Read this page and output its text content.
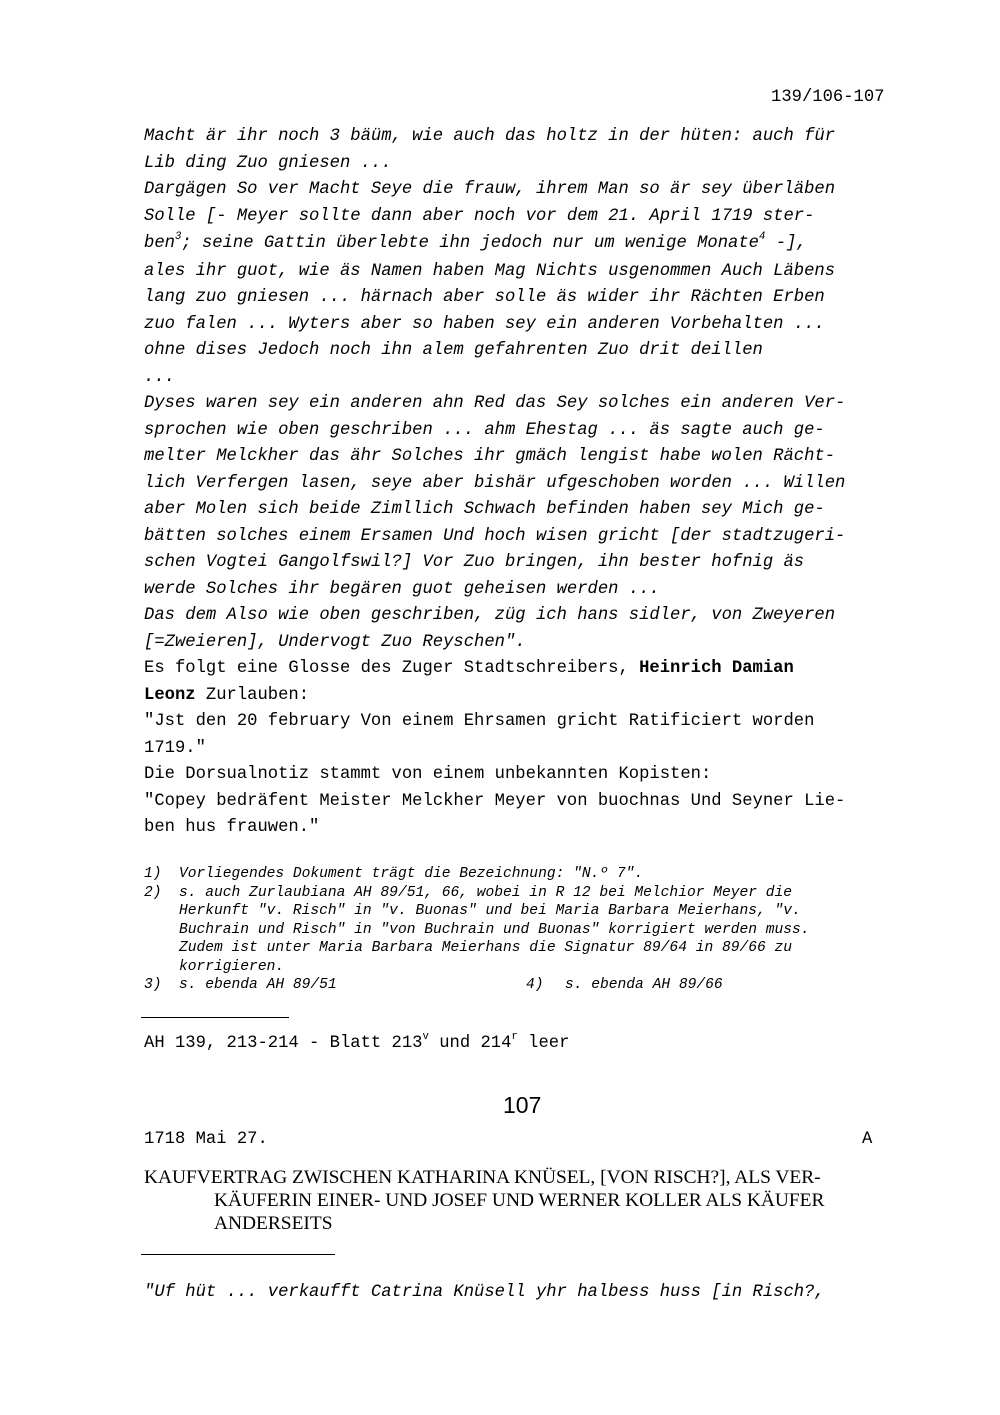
139/106-107
Macht är ihr noch 3 bäüm, wie auch das holtz in der hüten: auch für
Lib ding Zuo gniesen ...
Dargägen So ver Macht Seye die frauw, ihrem Man so är sey überläben
Solle [- Meyer sollte dann aber noch vor dem 21. April 1719 ster-
ben$^3$; seine Gattin überlebte ihn jedoch nur um wenige Monate$^4$ -],
ales ihr guot, wie äs Namen haben Mag Nichts usgenommen Auch Läbens
lang zuo gniesen ... härnach aber solle äs wider ihr Rächten Erben
zuo falen ... Wyters aber so haben sey ein anderen Vorbehalten ...
ohne dises Jedoch noch ihn alem gefahrenten Zuo drit deillen
...
Dyses waren sey ein anderen ahn Red das Sey solches ein anderen Ver-
sprochen wie oben geschriben ... ahm Ehestag ... äs sagte auch ge-
melter Melckher das ähr Solches ihr gmäch lengist habe wolen Rächt-
lich Verfergen lasen, seye aber bishär ufgeschoben worden ... Willen
aber Molen sich beide Zimllich Schwach befinden haben sey Mich ge-
bätten solches einem Ersamen Und hoch wisen gricht [der stadtzugeri-
schen Vogtei Gangolfswil?] Vor Zuo bringen, ihn bester hofnig äs
werde Solches ihr begären guot geheisen werden ...
Das dem Also wie oben geschriben, züg ich hans sidler, von Zweyeren
[=Zweieren], Undervogt Zuo Reyschen".
Es folgt eine Glosse des Zuger Stadtschreibers, Heinrich Damian
Leonz Zurlauben:
"Jst den 20 february Von einem Ehrsamen gricht Ratificiert worden
1719."
Die Dorsualnotiz stammt von einem unbekannten Kopisten:
"Copey bedräfent Meister Melckher Meyer von buochnas Und Seyner Lie-
ben hus frauwen."
1) Vorliegendes Dokument trägt die Bezeichnung: "N.º 7".
2) s. auch Zurlaubiana AH 89/51, 66, wobei in R 12 bei Melchior Meyer die
Herkunft "v. Risch" in "v. Buonas" und bei Maria Barbara Meierhans, "v.
Buchrain und Risch" in "von Buchrain und Buonas" korrigiert werden muss.
Zudem ist unter Maria Barbara Meierhans die Signatur 89/64 in 89/66 zu
korrigieren.
3) s. ebenda AH 89/51	4) s. ebenda AH 89/66
AH 139, 213-214 - Blatt 213$^v$ und 214$^r$ leer
107
1718 Mai 27.	A
KAUFVERTRAG ZWISCHEN KATHARINA KNÜSEL, [VON RISCH?], ALS VER-
KÄUFERIN EINER- UND JOSEF UND WERNER KOLLER ALS KÄUFER
ANDERSEITS
"Uf hüt ... verkaufft Catrina Knüsell yhr halbess huss [in Risch?,
